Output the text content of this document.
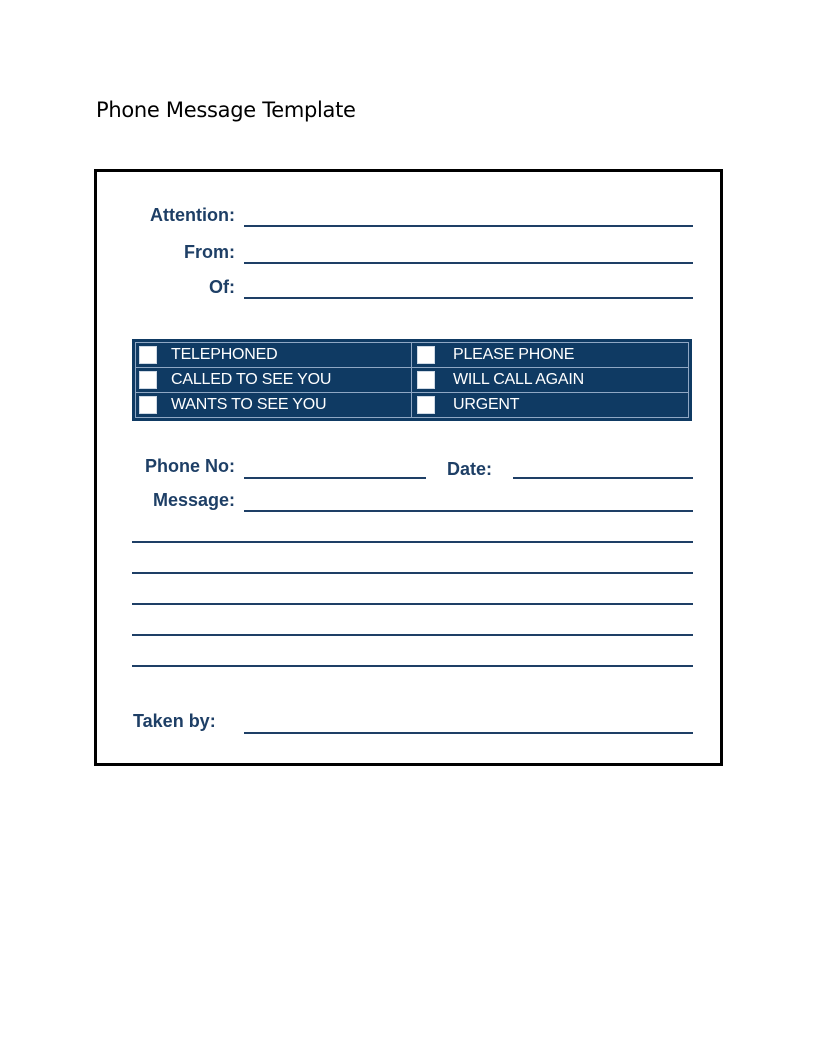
Phone Message Template
Attention:
From:
Of:
TELEPHONED	PLEASE PHONE
CALLED TO SEE YOU	WILL CALL AGAIN
WANTS TO SEE YOU	URGENT
Phone No:	Date:
Message:
Taken by:
